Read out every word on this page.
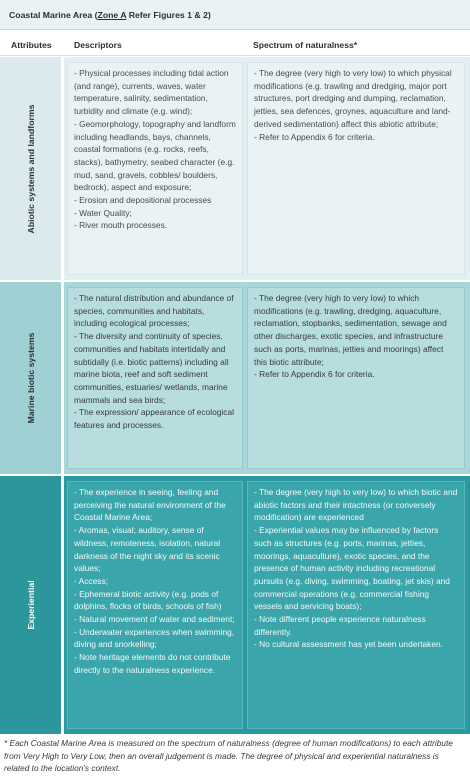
Coastal Marine Area (Zone A Refer Figures 1 & 2)
Attributes	Descriptors	Spectrum of naturalness*
Abiotic systems and landforms
- Physical processes including tidal action (and range), currents, waves, water temperature, salinity, sedimentation, turbidity and climate (e.g. wind);
- Geomorphology, topography and landform including headlands, bays, channels, coastal formations (e.g. rocks, reefs, stacks), bathymetry, seabed character (e.g. mud, sand, gravels, cobbles/ boulders, bedrock), aspect and exposure;
- Erosion and depositional processes
- Water Quality;
- River mouth processes.
- The degree (very high to very low) to which physical modifications (e.g. trawling and dredging, major port structures, port dredging and dumping, reclamation, jetties, sea defences, groynes, aquaculture and land-derived sedimentation) affect this abiotic attribute;
- Refer to Appendix 6 for criteria.
Marine biotic systems
- The natural distribution and abundance of species, communities and habitats, including ecological processes;
- The diversity and continuity of species, communities and habitats intertidally and subtidally (i.e. biotic patterns) including all marine biota, reef and soft sediment communities, estuaries/ wetlands, marine mammals and sea birds;
- The expression/ appearance of ecological features and processes.
- The degree (very high to very low) to which modifications (e.g. trawling, dredging, aquaculture, reclamation, stopbanks, sedimentation, sewage and other discharges, exotic species, and infrastructure such as ports, marinas, jetties and moorings) affect this biotic attribute;
- Refer to Appendix 6 for criteria.
Experiential
- The experience in seeing, feeling and perceiving the natural environment of the Coastal Marine Area;
- Aromas, visual; auditory, sense of wildness, remoteness, isolation, natural darkness of the night sky and its scenic values;
- Access;
- Ephemeral biotic activity (e.g. pods of dolphins, flocks of birds, schools of fish)
- Natural movement of water and sediment;
- Underwater experiences when swimming, diving and snorkelling;
- Note heritage elements do not contribute directly to the naturalness experience.
- The degree (very high to very low) to which biotic and abiotic factors and their intactness (or conversely modification) are experienced
- Experiential values may be influenced by factors such as structures (e.g. ports, marinas, jetties, moorings, aquaculture), exotic species, and the presence of human activity including recreational pursuits (e.g. diving, swimming, boating, jet skis) and commercial operations (e.g. commercial fishing vessels and servicing boats);
- Note different people experience naturalness differently.
- No cultural assessment has yet been undertaken.

* Each Coastal Marine Area is measured on the spectrum of naturalness (degree of human modifications) to each attribute from Very High to Very Low, then an overall judgement is made. The degree of physical and experiential naturalness is related to the location's context.
